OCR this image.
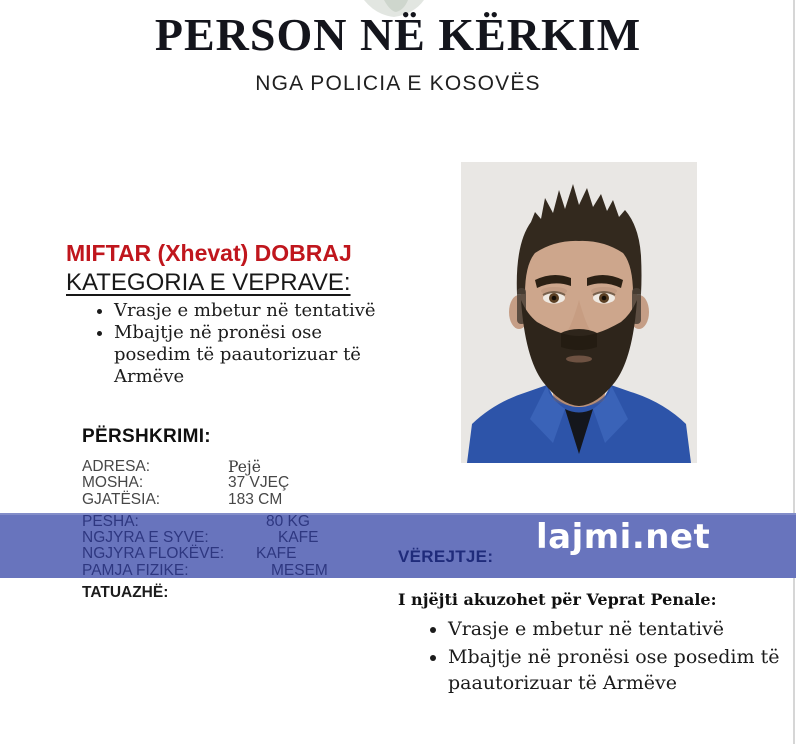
PERSON NË KËRKIM
NGA POLICIA E KOSOVËS
MIFTAR (Xhevat) DOBRAJ
KATEGORIA E VEPRAVE:
• Vrasje e mbetur në tentativë
• Mbajtje në pronësi ose posedim të paautorizuar të Armëve
PËRSHKRIMI:
ADRESA:	Pejë
MOSHA:	37 VJEÇ
GJATËSIA:	183 CM
PESHA:	80 KG
NGJYRA E SYVE:	KAFE
NGJYRA FLOKËVE: KAFE
PAMJA FIZIKE:	MESEM
TATUAZHË:
lajmi.net
VËREJTJE:
I njëjti akuzohet për Veprat Penale:
• Vrasje e mbetur në tentativë
• Mbajtje në pronësi ose posedim të paautorizuar të Armëve
